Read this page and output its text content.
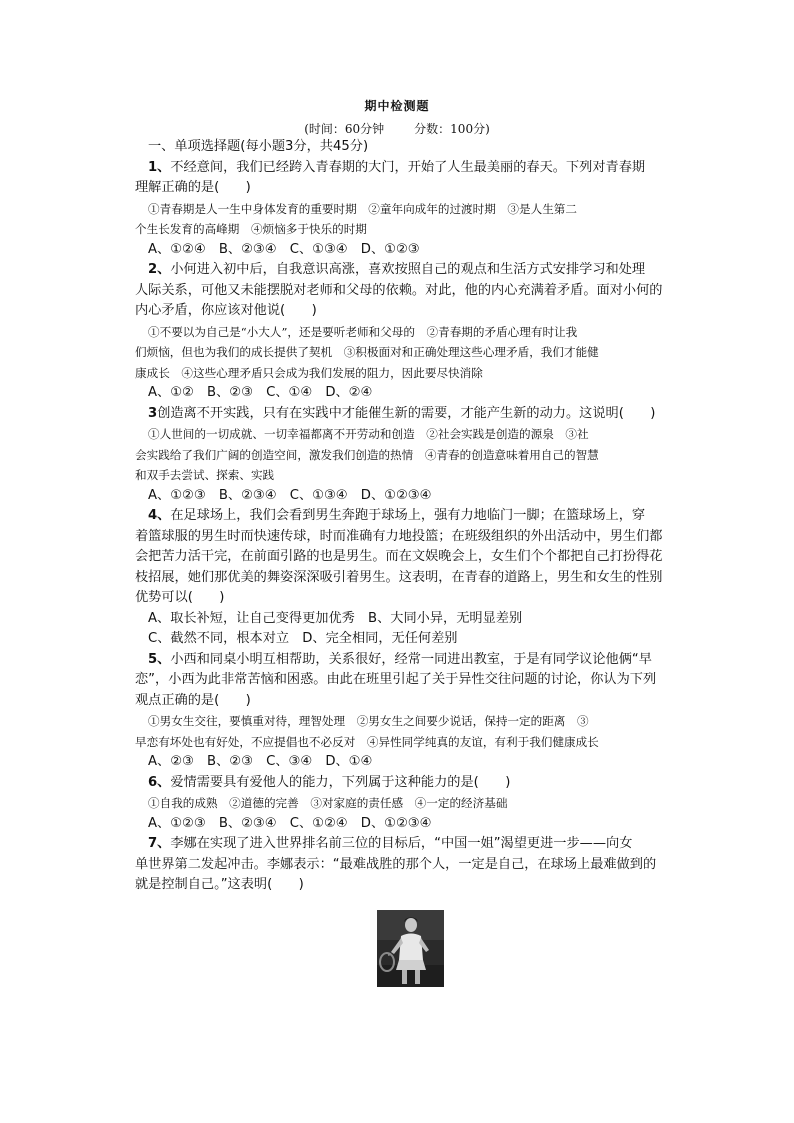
期中检测题
(时间：60分钟	分数：100分)
一、单项选择题(每小题3分，共45分)
1、不经意间，我们已经跨入青春期的大门，开始了人生最美丽的春天。下列对青春期
理解正确的是(　　)
①青春期是人一生中身体发育的重要时期　②童年向成年的过渡时期　③是人生第二
个生长发育的高峰期　④烦恼多于快乐的时期
A、①②④　B、②③④　C、①③④　D、①②③
2、小何进入初中后，自我意识高涨，喜欢按照自己的观点和生活方式安排学习和处理
人际关系，可他又未能摆脱对老师和父母的依赖。对此，他的内心充满着矛盾。面对小何的
内心矛盾，你应该对他说(　　)
①不要以为自己是“小大人”，还是要听老师和父母的　②青春期的矛盾心理有时让我
们烦恼，但也为我们的成长提供了契机　③积极面对和正确处理这些心理矛盾，我们才能健
康成长　④这些心理矛盾只会成为我们发展的阻力，因此要尽快消除
A、①②　B、②③　C、①④　D、②④
3创造离不开实践，只有在实践中才能催生新的需要，才能产生新的动力。这说明(　　)
①人世间的一切成就、一切幸福都离不开劳动和创造　②社会实践是创造的源泉　③社
会实践给了我们广阔的创造空间，激发我们创造的热情　④青春的创造意味着用自己的智慧
和双手去尝试、探索、实践
A、①②③　B、②③④　C、①③④　D、①②③④
4、在足球场上，我们会看到男生奔跑于球场上，强有力地临门一脚；在篮球场上，穿
着篮球服的男生时而快速传球，时而准确有力地投篮；在班级组织的外出活动中，男生们都
会把苦力活干完，在前面引路的也是男生。而在文娱晚会上，女生们个个都把自己打扮得花
枝招展，她们那优美的舞姿深深吸引着男生。这表明，在青春的道路上，男生和女生的性别
优势可以(　　)
A、取长补短，让自己变得更加优秀　B、大同小异，无明显差别
C、截然不同，根本对立　D、完全相同，无任何差别
5、小西和同桌小明互相帮助，关系很好，经常一同进出教室，于是有同学议论他俩“早
恋”，小西为此非常苦恼和困惑。由此在班里引起了关于异性交往问题的讨论，你认为下列
观点正确的是(　　)
①男女生交往，要慎重对待，理智处理　②男女生之间要少说话，保持一定的距离　③
早恋有坏处也有好处，不应提倡也不必反对　④异性同学纯真的友谊，有利于我们健康成长
A、②③　B、②③　C、③④　D、①④
6、爱情需要具有爱他人的能力，下列属于这种能力的是(　　)
①自我的成熟　②道德的完善　③对家庭的责任感　④一定的经济基础
A、①②③　B、②③④　C、①②④　D、①②③④
7、李娜在实现了进入世界排名前三位的目标后，“中国一姐”渴望更进一步——向女
单世界第二发起冲击。李娜表示：“最难战胜的那个人，一定是自己，在球场上最难做到的
就是控制自己。”这表明(　　)
